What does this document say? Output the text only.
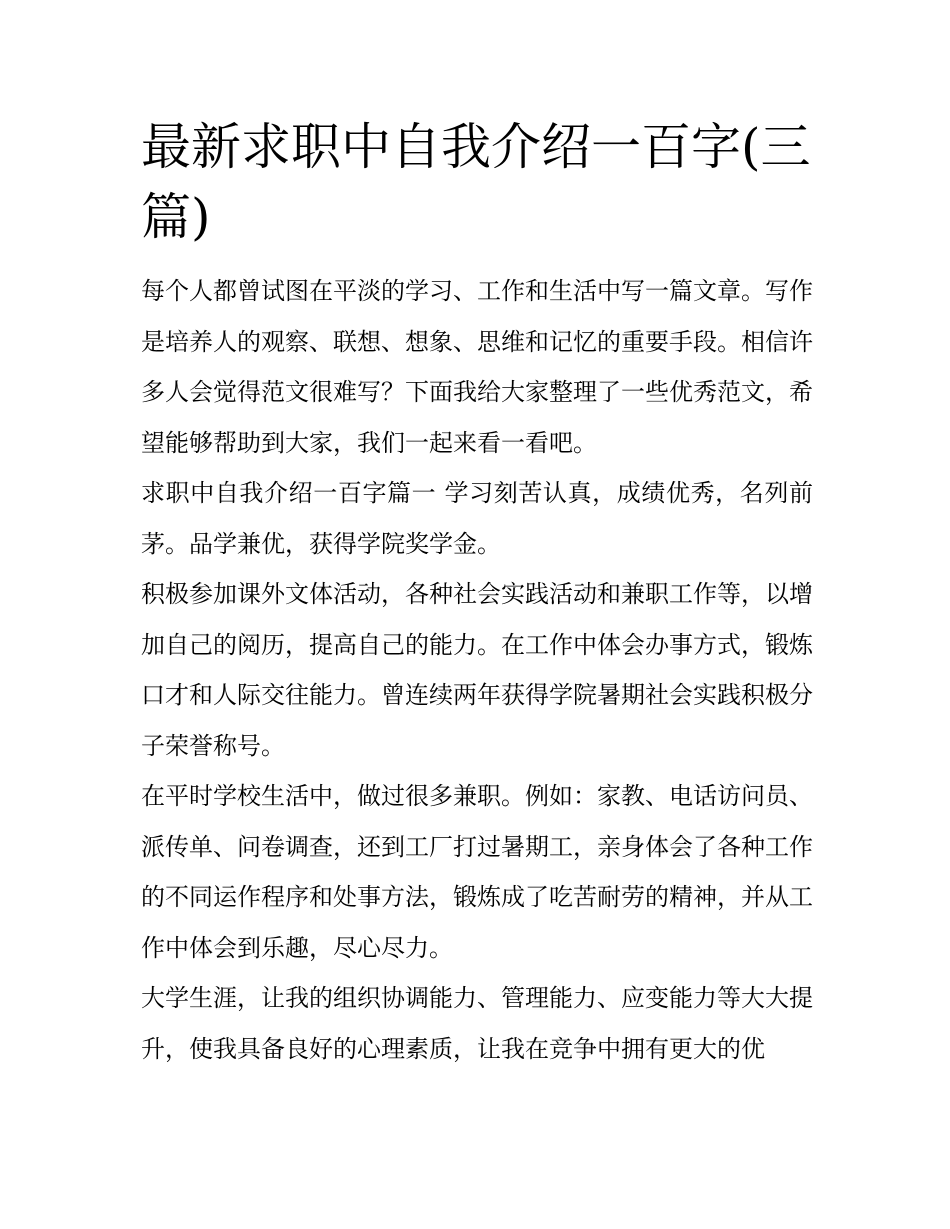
最新求职中自我介绍一百字(三篇)

每个人都曾试图在平淡的学习、工作和生活中写一篇文章。写作是培养人的观察、联想、想象、思维和记忆的重要手段。相信许多人会觉得范文很难写？下面我给大家整理了一些优秀范文，希望能够帮助到大家，我们一起来看一看吧。

求职中自我介绍一百字篇一 学习刻苦认真，成绩优秀，名列前茅。品学兼优，获得学院奖学金。

积极参加课外文体活动，各种社会实践活动和兼职工作等，以增加自己的阅历，提高自己的能力。在工作中体会办事方式，锻炼口才和人际交往能力。曾连续两年获得学院暑期社会实践积极分子荣誉称号。

在平时学校生活中，做过很多兼职。例如：家教、电话访问员、派传单、问卷调查，还到工厂打过暑期工，亲身体会了各种工作的不同运作程序和处事方法，锻炼成了吃苦耐劳的精神，并从工作中体会到乐趣，尽心尽力。

大学生涯，让我的组织协调能力、管理能力、应变能力等大大提升，使我具备良好的心理素质，让我在竞争中拥有更大的优
